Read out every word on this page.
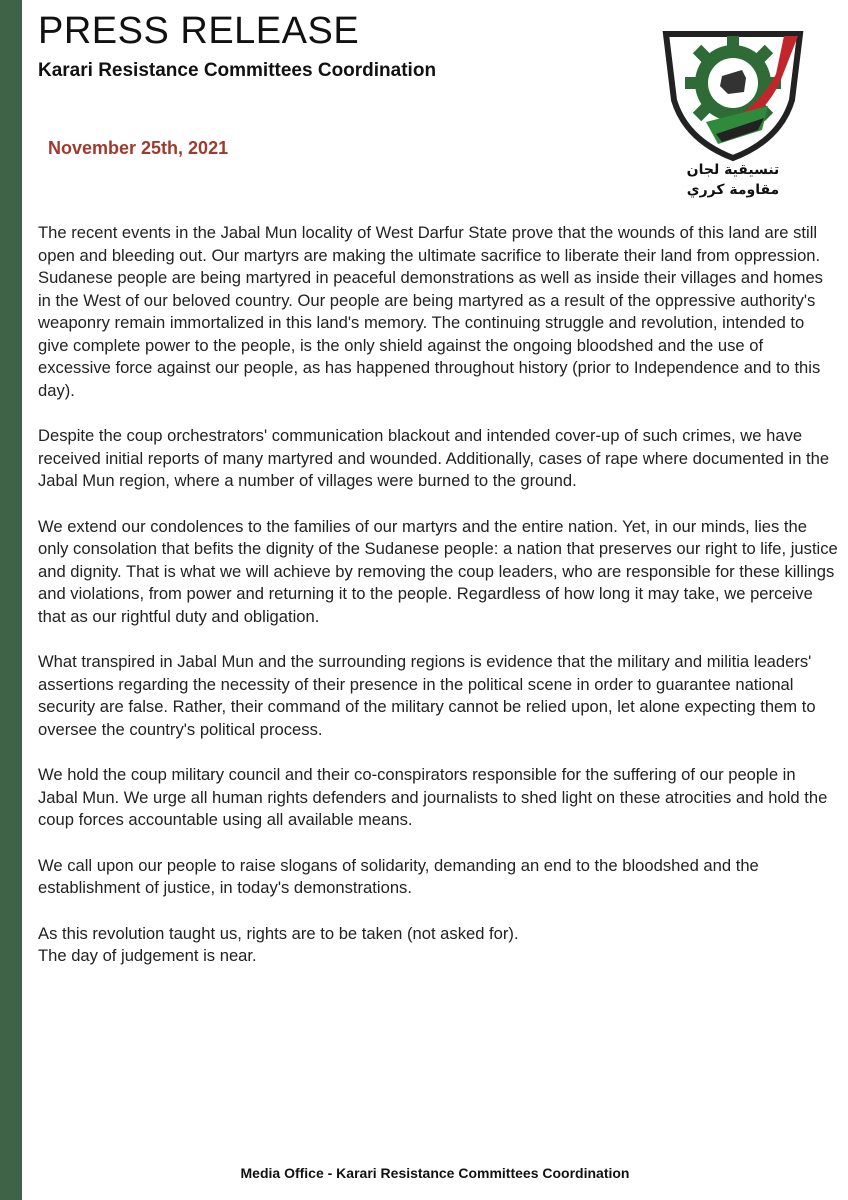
PRESS RELEASE
Karari Resistance Committees Coordination
November 25th, 2021
تنسيقية لجان
مقاومة كرري

The recent events in the Jabal Mun locality of West Darfur State prove that the wounds of this land are still open and bleeding out. Our martyrs are making the ultimate sacrifice to liberate their land from oppression. Sudanese people are being martyred in peaceful demonstrations as well as inside their villages and homes in the West of our beloved country. Our people are being martyred as a result of the oppressive authority's weaponry remain immortalized in this land's memory. The continuing struggle and revolution, intended to give complete power to the people, is the only shield against the ongoing bloodshed and the use of excessive force against our people, as has happened throughout history (prior to Independence and to this day).

Despite the coup orchestrators' communication blackout and intended cover-up of such crimes, we have received initial reports of many martyred and wounded. Additionally, cases of rape where documented in the Jabal Mun region, where a number of villages were burned to the ground.

We extend our condolences to the families of our martyrs and the entire nation. Yet, in our minds, lies the only consolation that befits the dignity of the Sudanese people: a nation that preserves our right to life, justice and dignity. That is what we will achieve by removing the coup leaders, who are responsible for these killings and violations, from power and returning it to the people. Regardless of how long it may take, we perceive that as our rightful duty and obligation.

What transpired in Jabal Mun and the surrounding regions is evidence that the military and militia leaders' assertions regarding the necessity of their presence in the political scene in order to guarantee national security are false. Rather, their command of the military cannot be relied upon, let alone expecting them to oversee the country's political process.

We hold the coup military council and their co-conspirators responsible for the suffering of our people in Jabal Mun. We urge all human rights defenders and journalists to shed light on these atrocities and hold the coup forces accountable using all available means.

We call upon our people to raise slogans of solidarity, demanding an end to the bloodshed and the establishment of justice, in today's demonstrations.

As this revolution taught us, rights are to be taken (not asked for).
The day of judgement is near.

Media Office - Karari Resistance Committees Coordination
